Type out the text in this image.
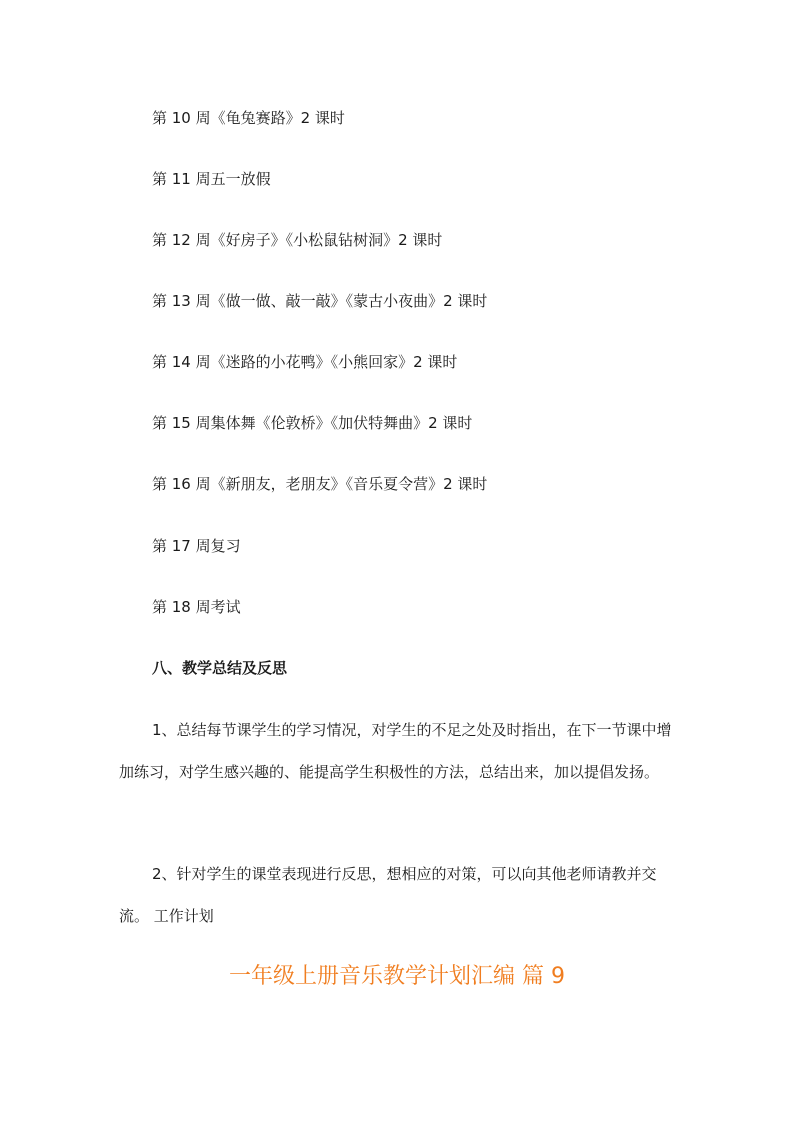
第 10 周《龟兔赛路》2 课时
第 11 周五一放假
第 12 周《好房子》《小松鼠钻树洞》2 课时
第 13 周《做一做、敲一敲》《蒙古小夜曲》2 课时
第 14 周《迷路的小花鸭》《小熊回家》2 课时
第 15 周集体舞《伦敦桥》《加伏特舞曲》2 课时
第 16 周《新朋友，老朋友》《音乐夏令营》2 课时
第 17 周复习
第 18 周考试
八、教学总结及反思

1、总结每节课学生的学习情况，对学生的不足之处及时指出，在下一节课中增加练习，对学生感兴趣的、能提高学生积极性的方法，总结出来，加以提倡发扬。

2、针对学生的课堂表现进行反思，想相应的对策，可以向其他老师请教并交流。 工作计划

一年级上册音乐教学计划汇编 篇 9
